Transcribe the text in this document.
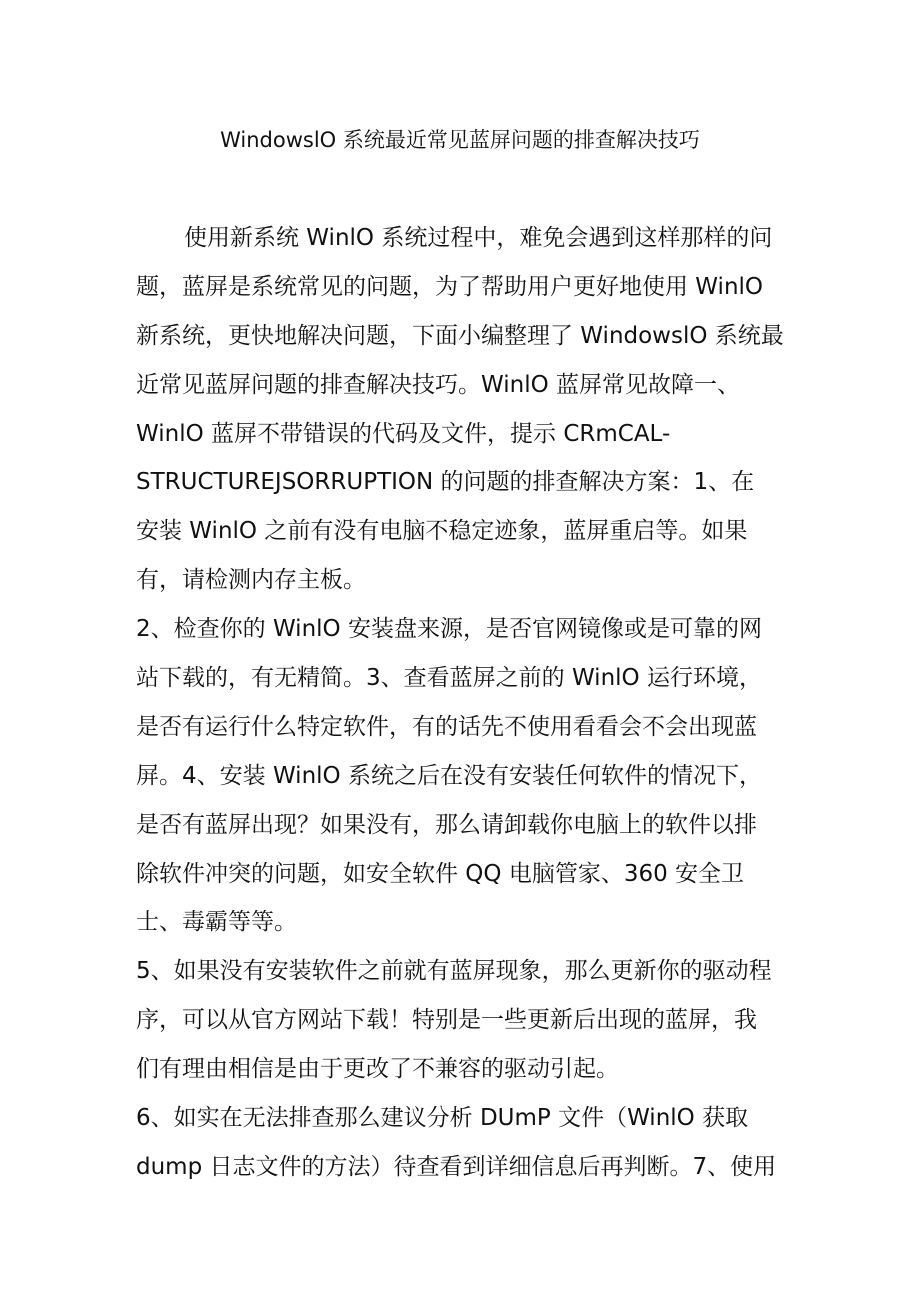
WindowslO 系统最近常见蓝屏问题的排查解决技巧
使用新系统 WinlO 系统过程中，难免会遇到这样那样的问
题，蓝屏是系统常见的问题，为了帮助用户更好地使用 WinlO
新系统，更快地解决问题，下面小编整理了 WindowslO 系统最
近常见蓝屏问题的排查解决技巧。WinlO 蓝屏常见故障一、
WinlO 蓝屏不带错误的代码及文件，提示 CRmCAL-
STRUCTUREJSORRUPTION 的问题的排查解决方案：1、在
安装 WinlO 之前有没有电脑不稳定迹象，蓝屏重启等。如果
有，请检测内存主板。
2、检查你的 WinlO 安装盘来源，是否官网镜像或是可靠的网
站下载的，有无精简。3、查看蓝屏之前的 WinlO 运行环境，
是否有运行什么特定软件，有的话先不使用看看会不会出现蓝
屏。4、安装 WinlO 系统之后在没有安装任何软件的情况下，
是否有蓝屏出现？如果没有，那么请卸载你电脑上的软件以排
除软件冲突的问题，如安全软件 QQ 电脑管家、360 安全卫
士、毒霸等等。
5、如果没有安装软件之前就有蓝屏现象，那么更新你的驱动程
序，可以从官方网站下载！特别是一些更新后出现的蓝屏，我
们有理由相信是由于更改了不兼容的驱动引起。
6、如实在无法排查那么建议分析 DUmP 文件（WinlO 获取
dump 日志文件的方法）待查看到详细信息后再判断。7、使用
